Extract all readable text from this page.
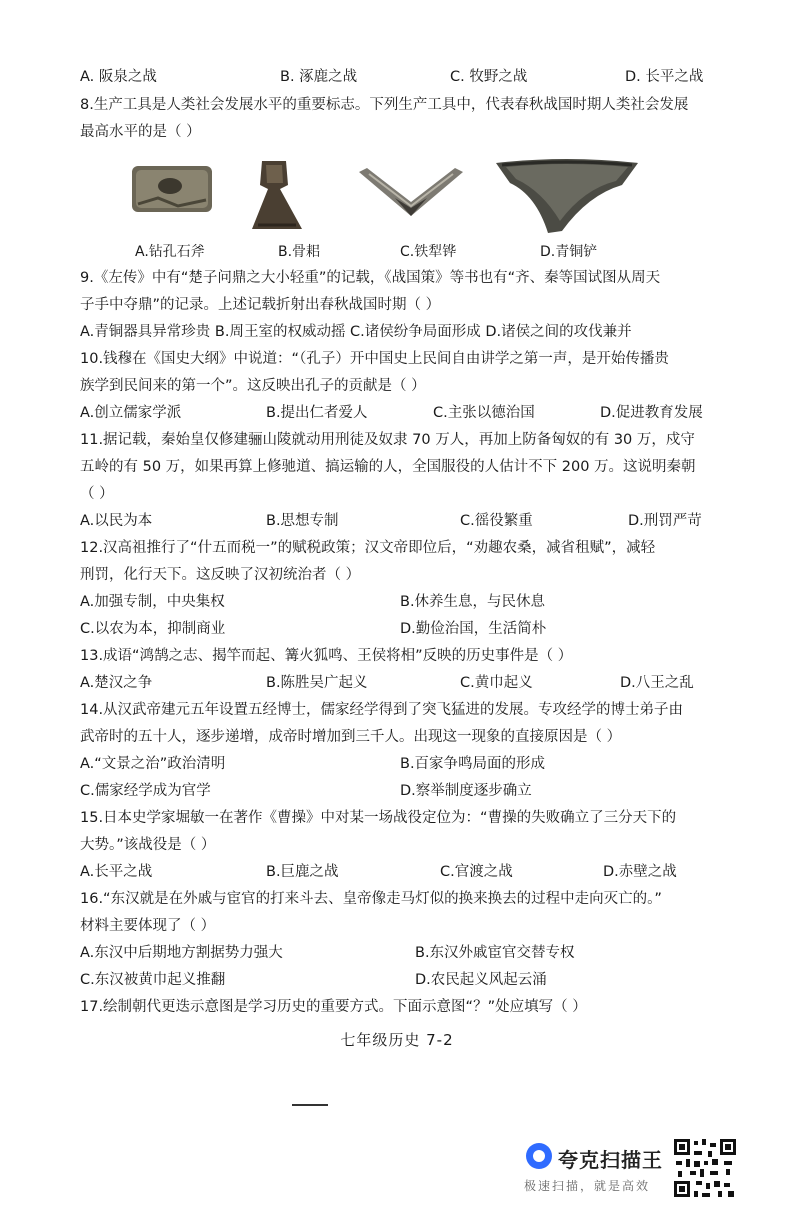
A. 阪泉之战	B. 涿鹿之战	C. 牧野之战	D. 长平之战
8.生产工具是人类社会发展水平的重要标志。下列生产工具中，代表春秋战国时期人类社会发展
最高水平的是（ ）
A.钻孔石斧	B.骨耜	C.铁犁铧	D.青铜铲
9.《左传》中有“楚子问鼎之大小轻重”的记载，《战国策》等书也有“齐、秦等国试图从周天
子手中夺鼎”的记录。上述记载折射出春秋战国时期（ ）
A.青铜器具异常珍贵 B.周王室的权威动摇 C.诸侯纷争局面形成 D.诸侯之间的攻伐兼并
10.钱穆在《国史大纲》中说道：“（孔子）开中国史上民间自由讲学之第一声，是开始传播贵
族学到民间来的第一个”。这反映出孔子的贡献是（ ）
A.创立儒家学派	B.提出仁者爱人	C.主张以德治国	D.促进教育发展
11.据记载，秦始皇仅修建骊山陵就动用刑徒及奴隶 70 万人，再加上防备匈奴的有 30 万，戍守
五岭的有 50 万，如果再算上修驰道、搞运输的人，全国服役的人估计不下 200 万。这说明秦朝
（ ）
A.以民为本	B.思想专制	C.徭役繁重	D.刑罚严苛
12.汉高祖推行了“什五而税一”的赋税政策；汉文帝即位后，“劝趣农桑，减省租赋”，减轻
刑罚，化行天下。这反映了汉初统治者（ ）
A.加强专制，中央集权	B.休养生息，与民休息
C.以农为本，抑制商业	D.勤俭治国，生活简朴
13.成语“鸿鹄之志、揭竿而起、篝火狐鸣、王侯将相”反映的历史事件是（ ）
A.楚汉之争	B.陈胜吴广起义	C.黄巾起义	D.八王之乱
14.从汉武帝建元五年设置五经博士，儒家经学得到了突飞猛进的发展。专攻经学的博士弟子由
武帝时的五十人，逐步递增，成帝时增加到三千人。出现这一现象的直接原因是（ ）
A.“文景之治”政治清明	B.百家争鸣局面的形成
C.儒家经学成为官学	D.察举制度逐步确立
15.日本史学家堀敏一在著作《曹操》中对某一场战役定位为：“曹操的失败确立了三分天下的
大势。”该战役是（ ）
A.长平之战	B.巨鹿之战	C.官渡之战	D.赤壁之战
16.“东汉就是在外戚与宦官的打来斗去、皇帝像走马灯似的换来换去的过程中走向灭亡的。”
材料主要体现了（ ）
A.东汉中后期地方割据势力强大	B.东汉外戚宦官交替专权
C.东汉被黄巾起义推翻	D.农民起义风起云涌
17.绘制朝代更迭示意图是学习历史的重要方式。下面示意图“？”处应填写（ ）
七年级历史 7-2
夸克扫描王
极速扫描，就是高效
